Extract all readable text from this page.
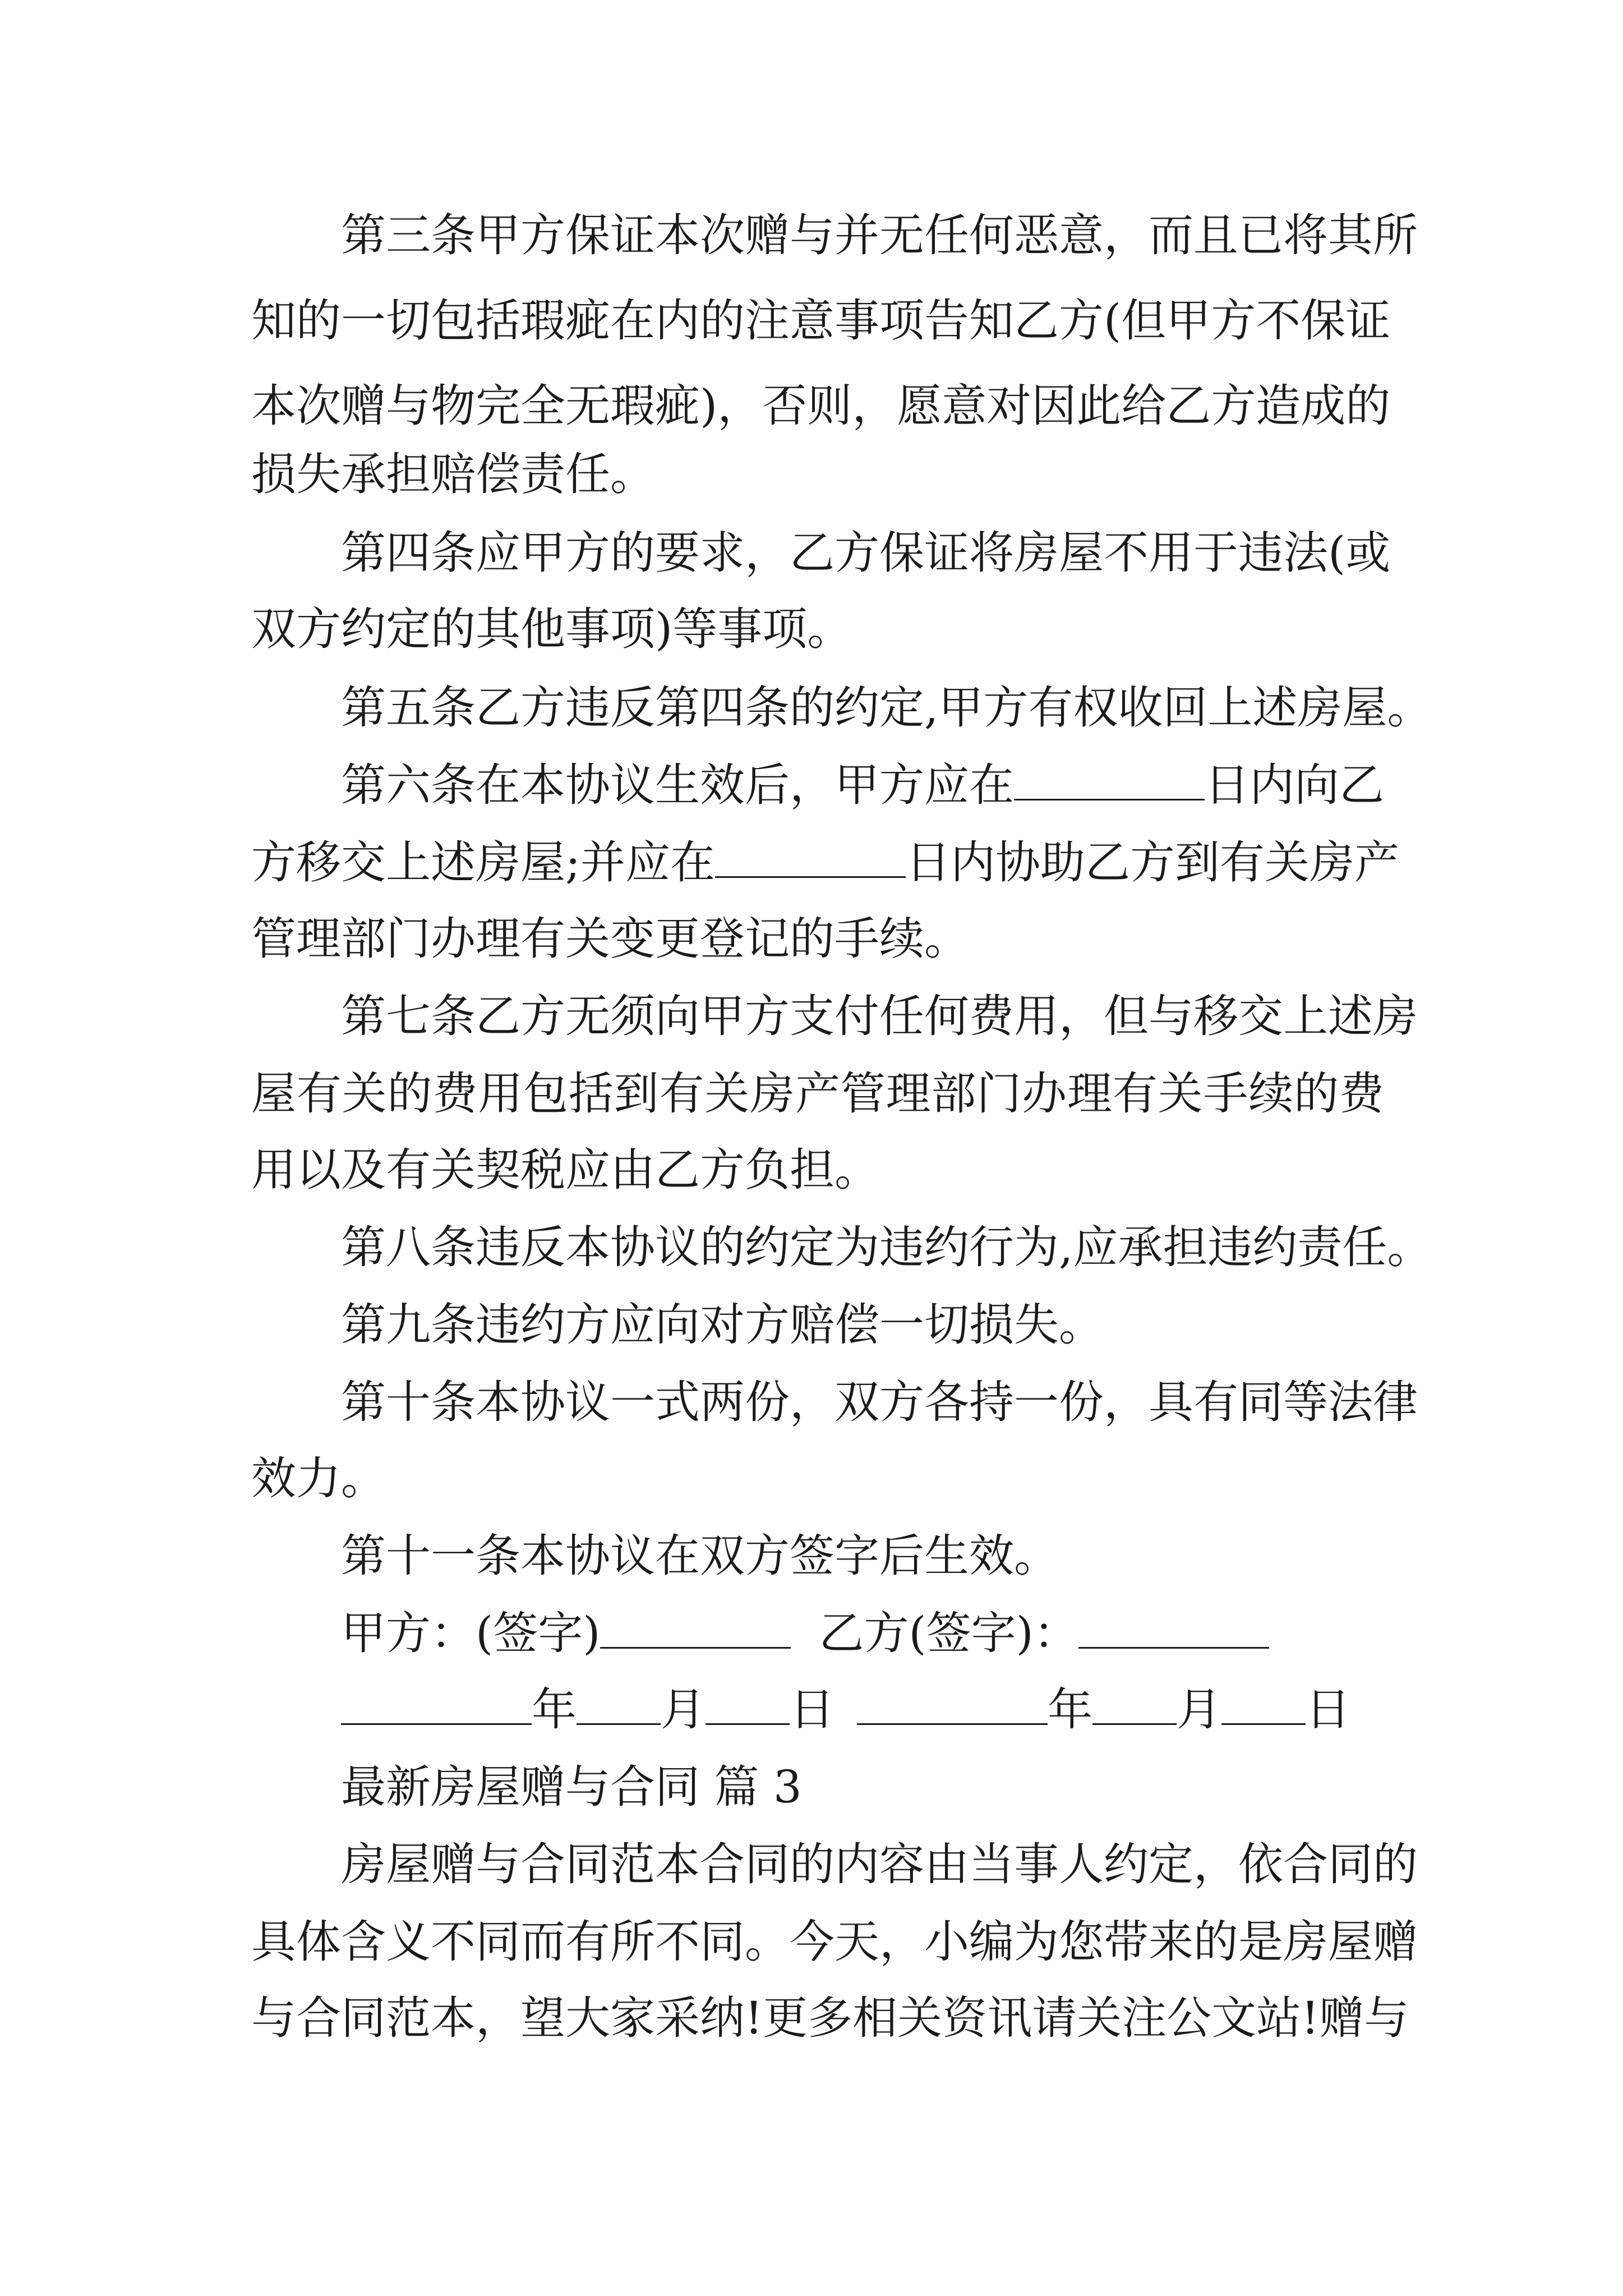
第三条甲方保证本次赠与并无任何恶意，而且已将其所
知的一切包括瑕疵在内的注意事项告知乙方(但甲方不保证
本次赠与物完全无瑕疵)，否则，愿意对因此给乙方造成的
损失承担赔偿责任。
第四条应甲方的要求，乙方保证将房屋不用于违法(或
双方约定的其他事项)等事项。
第五条乙方违反第四条的约定,甲方有权收回上述房屋。
第六条在本协议生效后，甲方应在	日内向乙
方移交上述房屋;并应在	日内协助乙方到有关房产
管理部门办理有关变更登记的手续。
第七条乙方无须向甲方支付任何费用，但与移交上述房
屋有关的费用包括到有关房产管理部门办理有关手续的费
用以及有关契税应由乙方负担。
第八条违反本协议的约定为违约行为,应承担违约责任。
第九条违约方应向对方赔偿一切损失。
第十条本协议一式两份，双方各持一份，具有同等法律
效力。
第十一条本协议在双方签字后生效。
甲方：(签字)	乙方(签字)：
年 月 日	年 月 日
最新房屋赠与合同 篇 3
房屋赠与合同范本合同的内容由当事人约定，依合同的
具体含义不同而有所不同。今天，小编为您带来的是房屋赠
与合同范本，望大家采纳!更多相关资讯请关注公文站!赠与
